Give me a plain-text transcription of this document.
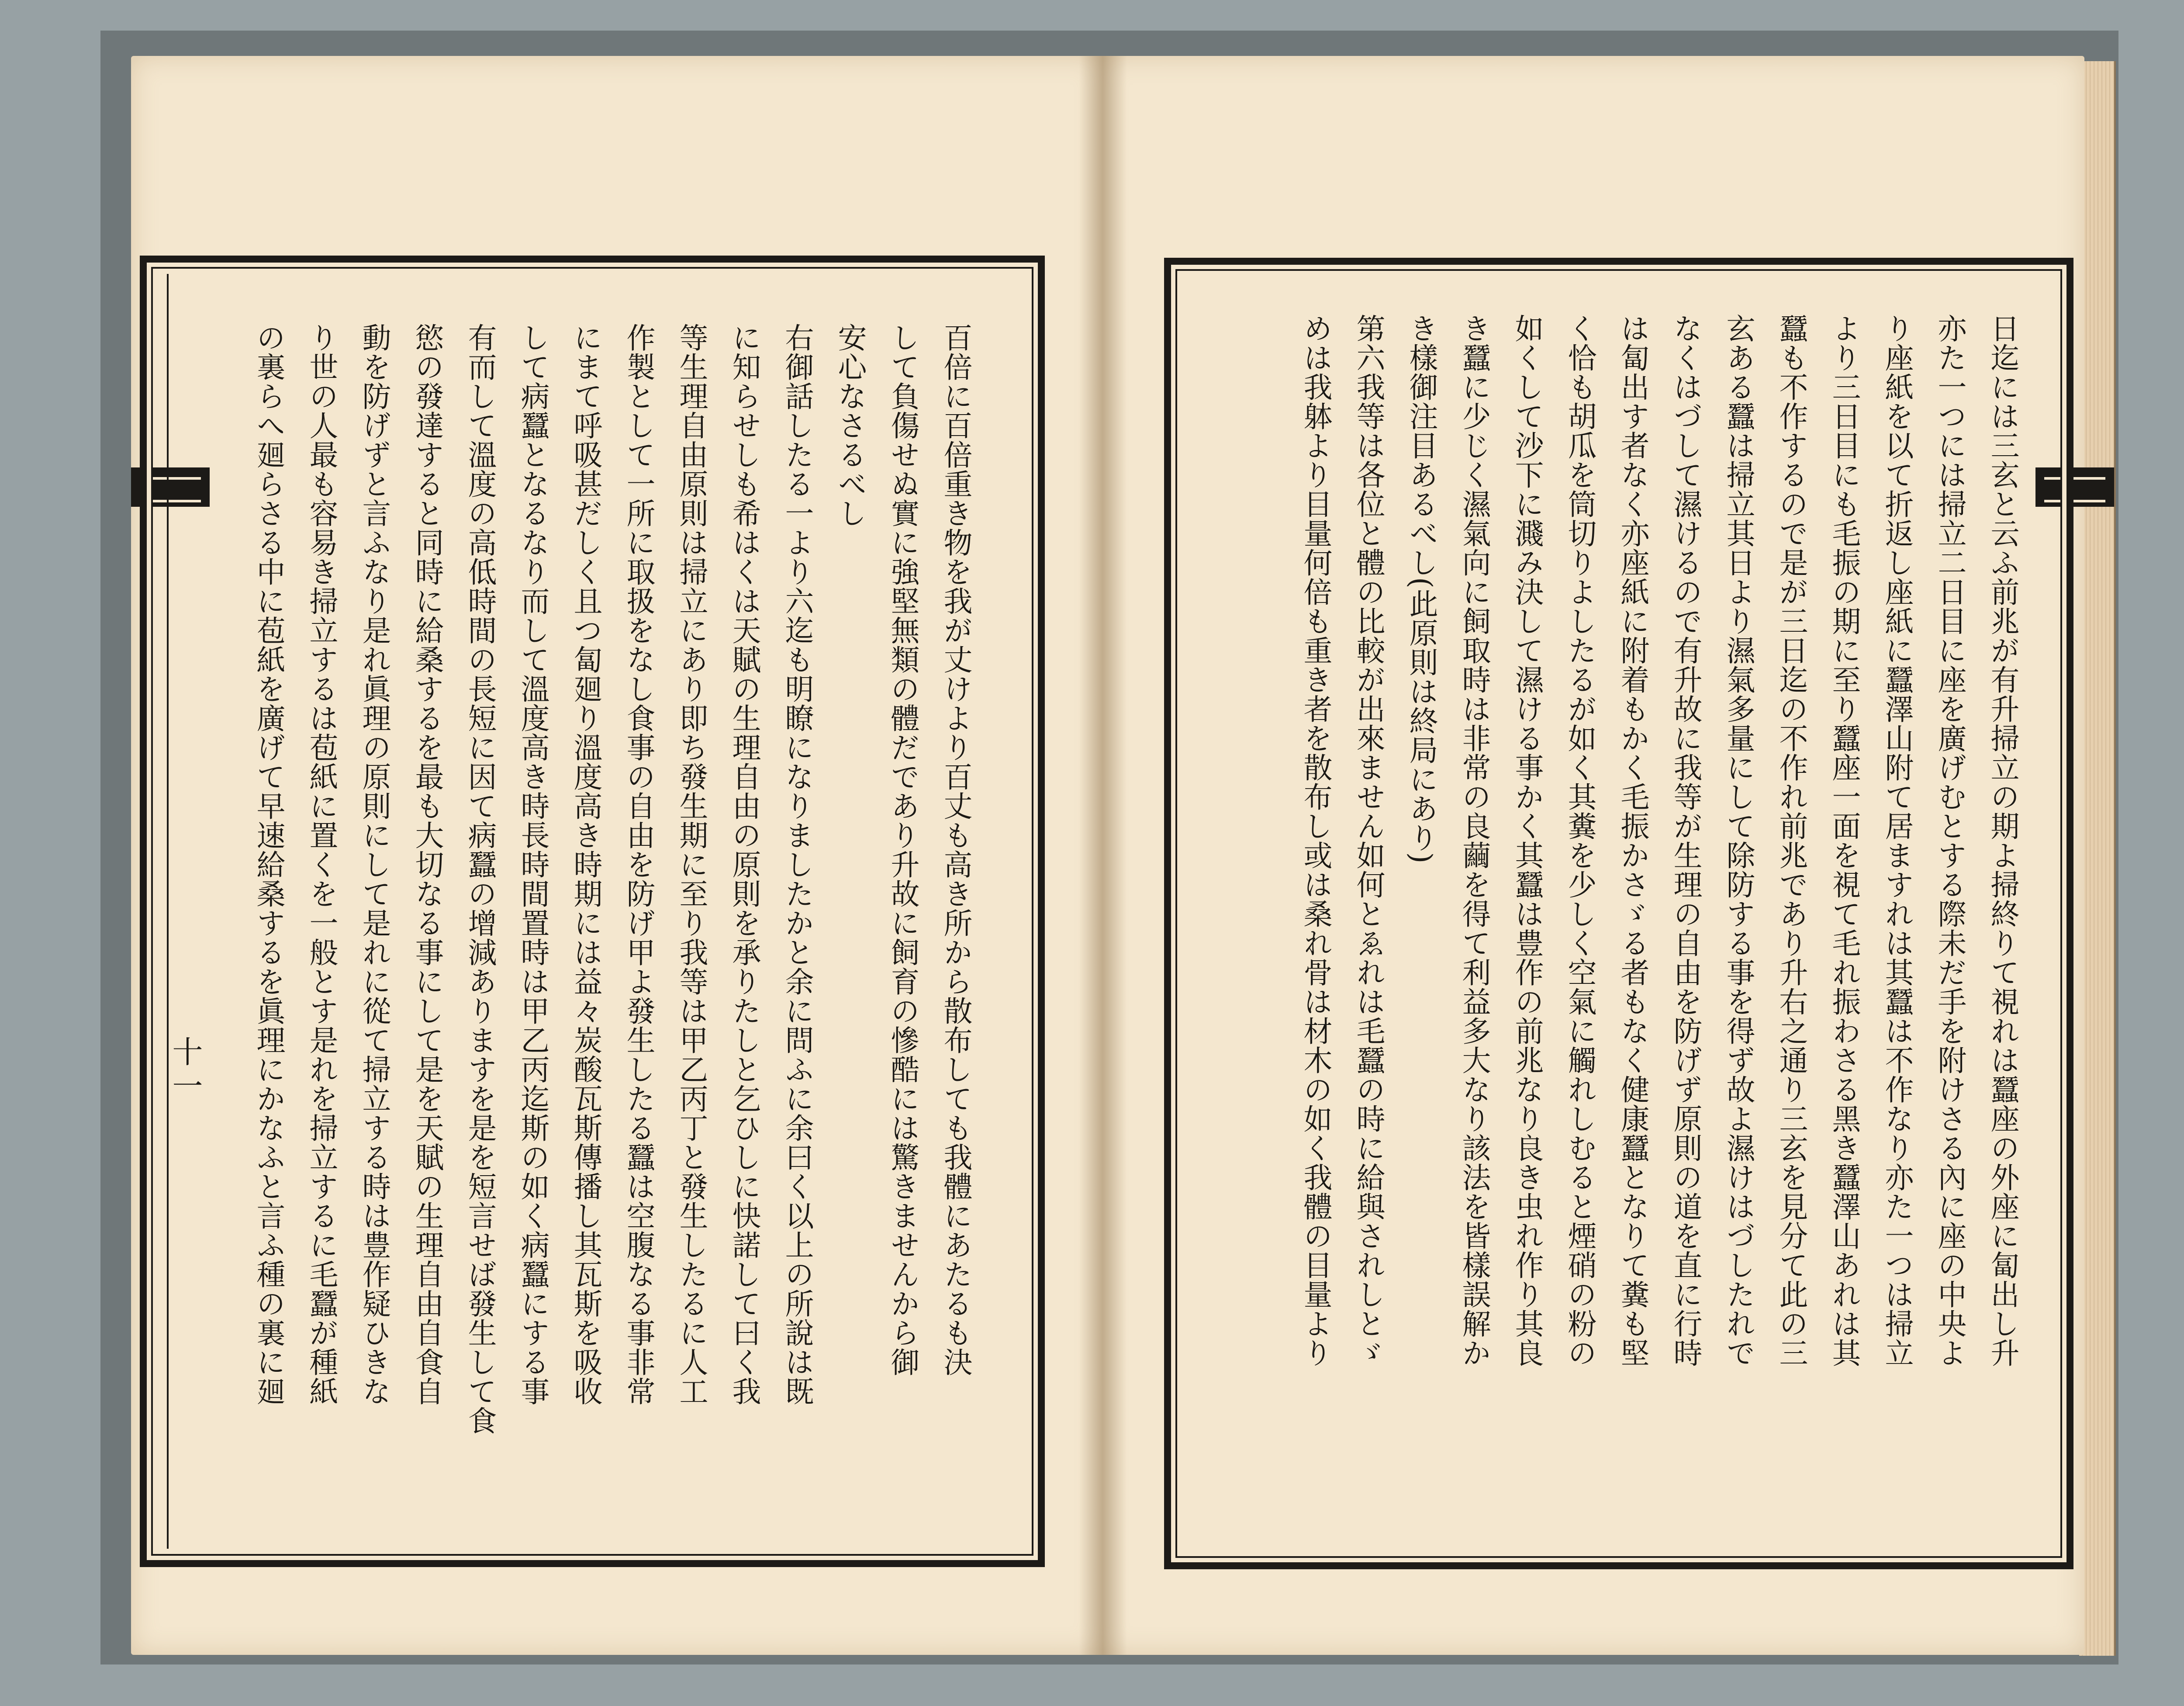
十一	百倍に百倍重き物を我が丈けより百丈も高き所から散布しても我體にあたるも決
して負傷せぬ實に強堅無類の體だであり升故に飼育の慘酷には驚きませんから御
安心なさるべし
右御話したる一より六迄も明瞭になりましたかと余に問ふに余曰く以上の所說は既
に知らせしも希はくは天賦の生理自由の原則を承りたしと乞ひしに快諾して曰く我
等生理自由原則は掃立にあり即ち發生期に至り我等は甲乙丙丁と發生したるに人工
作製として一所に取扱をなし食事の自由を防げ甲よ發生したる蠶は空腹なる事非常
にまて呼吸甚だしく且つ匐廻り溫度高き時期には益々炭酸瓦斯傳播し其瓦斯を吸收
して病蠶となるなり而して溫度高き時長時間置時は甲乙丙迄斯の如く病蠶にする事
有而して溫度の高低時間の長短に因て病蠶の增減ありますを是を短言せば發生して食
慾の發達すると同時に給桑するを最も大切なる事にして是を天賦の生理自由自食自
動を防げずと言ふなり是れ眞理の原則にして是れに從て掃立する時は豊作疑ひきな
り世の人最も容易き掃立するは苞紙に置くを一般とす是れを掃立するに毛蠶が種紙
の裏らへ廻らさる中に苞紙を廣げて早速給桑するを眞理にかなふと言ふ種の裏に廻	日迄には三玄と云ふ前兆が有升掃立の期よ掃終りて視れは蠶座の外座に匐出し升
亦た一つには掃立二日目に座を廣げむとする際未だ手を附けさる內に座の中央よ
り座紙を以て折返し座紙に蠶澤山附て居ますれは其蠶は不作なり亦た一つは掃立
より三日目にも毛振の期に至り蠶座一面を視て毛れ振わさる黑き蠶澤山あれは其
蠶も不作するので是が三日迄の不作れ前兆であり升右之通り三玄を見分て此の三
玄ある蠶は掃立其日より濕氣多量にして除防する事を得ず故よ濕けはづしたれで
なくはづして濕けるので有升故に我等が生理の自由を防げず原則の道を直に行時
は匐出す者なく亦座紙に附着もかく毛振かさゞる者もなく健康蠶となりて糞も堅
く恰も胡瓜を筒切りよしたるが如く其糞を少しく空氣に觸れしむると煙硝の粉の
如くして沙下に濺み決して濕ける事かく其蠶は豊作の前兆なり良き虫れ作り其良
き蠶に少じく濕氣向に飼取時は非常の良繭を得て利益多大なり該法を皆樣誤解か
き樣御注目あるべし(此原則は終局にあり)
第六我等は各位と體の比較が出來ません如何とゑれは毛蠶の時に給與されしとゞ
めは我躰より目量何倍も重き者を散布し或は桑れ骨は材木の如く我體の目量より
